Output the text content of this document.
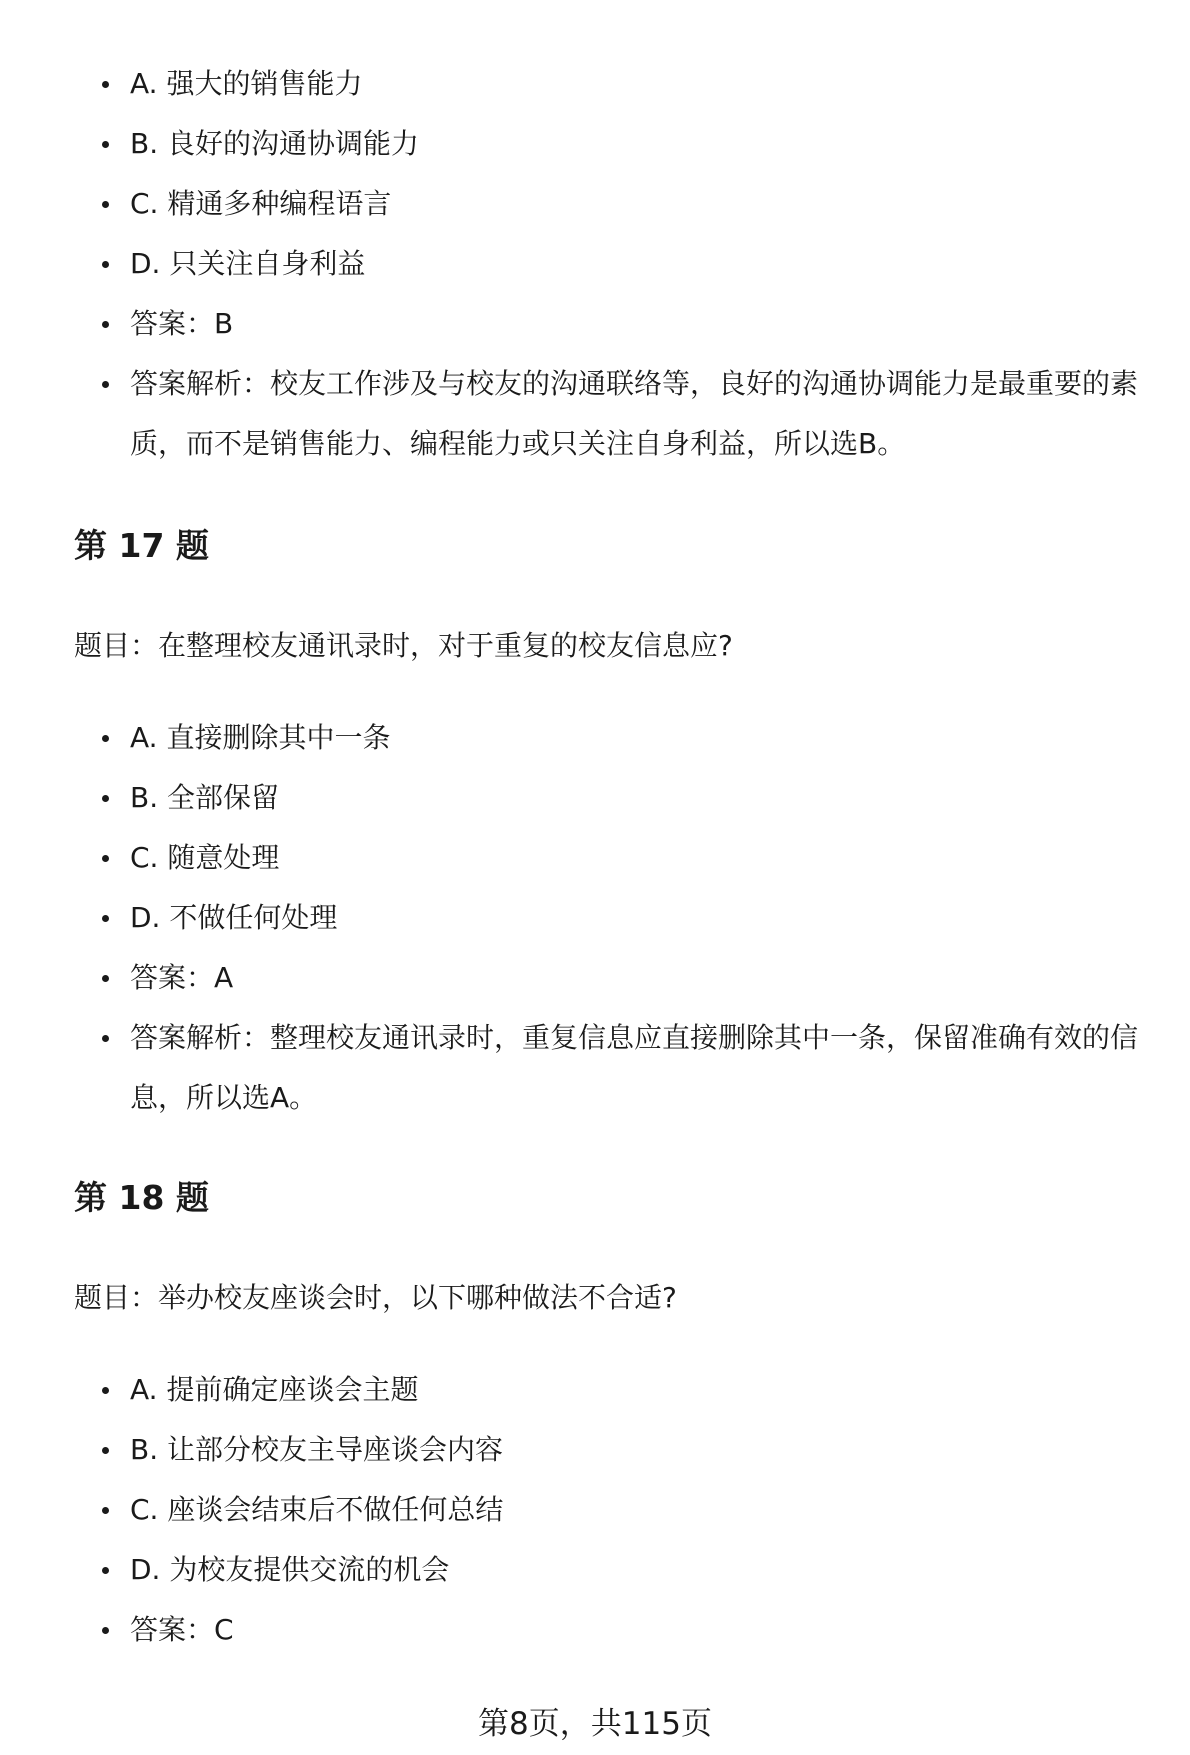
A. 强大的销售能力
B. 良好的沟通协调能力
C. 精通多种编程语言
D. 只关注自身利益
答案：B
答案解析：校友工作涉及与校友的沟通联络等，良好的沟通协调能力是最重要的素质，而不是销售能力、编程能力或只关注自身利益，所以选B。
第 17 题
题目：在整理校友通讯录时，对于重复的校友信息应?
A. 直接删除其中一条
B. 全部保留
C. 随意处理
D. 不做任何处理
答案：A
答案解析：整理校友通讯录时，重复信息应直接删除其中一条，保留准确有效的信息，所以选A。
第 18 题
题目：举办校友座谈会时，以下哪种做法不合适?
A. 提前确定座谈会主题
B. 让部分校友主导座谈会内容
C. 座谈会结束后不做任何总结
D. 为校友提供交流的机会
答案：C
第8页，共115页
